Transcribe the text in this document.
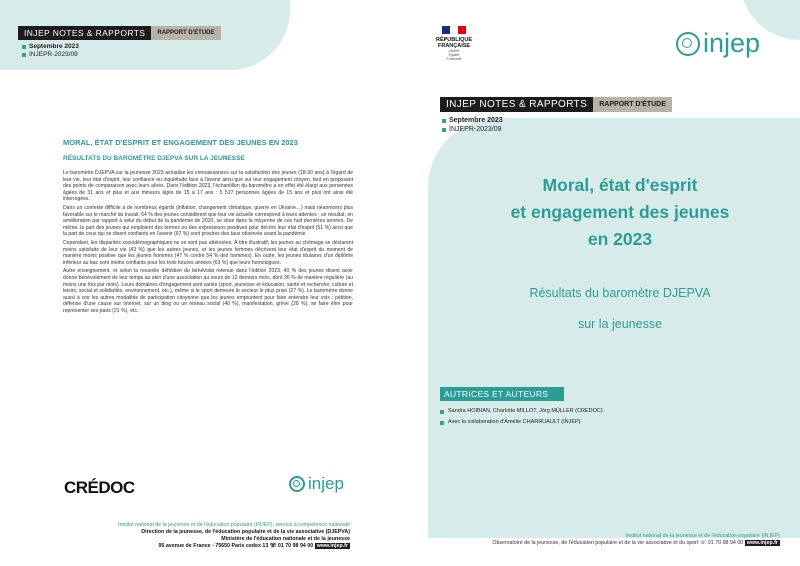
INJEP NOTES & RAPPORTS	RAPPORT D'ÉTUDE
Septembre 2023
INJEPR-2023/09
MORAL, ÉTAT D'ESPRIT ET ENGAGEMENT DES JEUNES EN 2023
RÉSULTATS DU BAROMÈTRE DJEPVA SUR LA JEUNESSE

Le baromètre DJEPVA sur la jeunesse 2023 actualise les connaissances sur la satisfaction des jeunes (18-30 ans) à l'égard de leur vie, leur état d'esprit, leur confiance ou inquiétude face à l'avenir ainsi que sur leur engagement citoyen, tout en proposant des points de comparaison avec leurs aînés. Dans l'édition 2023, l'échantillon du baromètre a en effet été élargi aux personnes âgées de 31 ans et plus et aux mineurs âgés de 15 à 17 ans : 5 517 personnes âgées de 15 ans et plus ont ainsi été interrogées.

Dans un contexte difficile à de nombreux égards (inflation, changement climatique, guerre en Ukraine…) mais néanmoins plus favorable sur le marché du travail, 64 % des jeunes considèrent que leur vie actuelle correspond à leurs attentes ; ce résultat, en amélioration par rapport à celui du début de la pandémie de 2020, se situe dans la moyenne de ces huit dernières années. De même, la part des jeunes qui emploient des termes ou des expressions positives pour décrire leur état d'esprit (51 %) ainsi que la part de ceux qui se disent confiants en l'avenir (67 %) sont proches des taux observés avant la pandémie.

Cependant, les disparités sociodémographiques ne se sont pas atténuées. À titre illustratif, les jeunes au chômage se déclarent moins satisfaits de leur vie (43 %) que les autres jeunes, et les jeunes femmes décrivent leur état d'esprit du moment de manière moins positive que les jeunes hommes (47 % contre 54 % des hommes). En outre, les jeunes titulaires d'un diplôme inférieur au bac sont moins confiants pour les trois futures années (63 %) que leurs homologues.

Autre enseignement, et selon la nouvelle définition du bénévolat retenue dans l'édition 2023, 40 % des jeunes disent avoir donné bénévolement de leur temps au sein d'une association au cours de 12 derniers mois, dont 26 % de manière régulière (au moins une fois par mois). Leurs domaines d'engagement sont variés (sport, jeunesse et éducation, santé et recherche, culture et loisirs, social et solidarités, environnement, etc.), même si le sport demeure le secteur le plus prisé (27 %). Le baromètre donne aussi à voir les autres modalités de participation citoyenne que les jeunes empruntent pour faire entendre leur voix : pétition, défense d'une cause sur internet, sur un blog ou un réseau social (40 %), manifestation, grève (28 %), se faire élire pour représenter ses pairs (21 %), etc.

CRÉDOC	injep
Institut national de la jeunesse et de l'éducation populaire (INJEP), service à compétence nationale
Direction de la jeunesse, de l'éducation populaire et de la vie associative (DJEPVA)
Ministère de l'éducation nationale et de la jeunesse
95 avenue de France - 75650 Paris cedex 13 ☏ 01 70 98 94 00 www.injep.fr
RÉPUBLIQUE
FRANÇAISE
Liberté
Égalité
Fraternité
injep
INJEP NOTES & RAPPORTS	RAPPORT D'ÉTUDE
Septembre 2023
INJEPR-2023/09
Moral, état d'esprit
et engagement des jeunes
en 2023
Résultats du baromètre DJEPVA
sur la jeunesse
AUTRICES ET AUTEURS
Sandra HOIBIAN, Charlotte MILLOT, Jörg MÜLLER (CREDOC)
Avec la collaboration d'Amélie CHARRUAULT (INJEP)
Institut national de la jeunesse et de l'éducation populaire (INJEP)
Observatoire de la jeunesse, de l'éducation populaire et de la vie associative et du sport ☏ 01 70 98 94 00 www.injep.fr
